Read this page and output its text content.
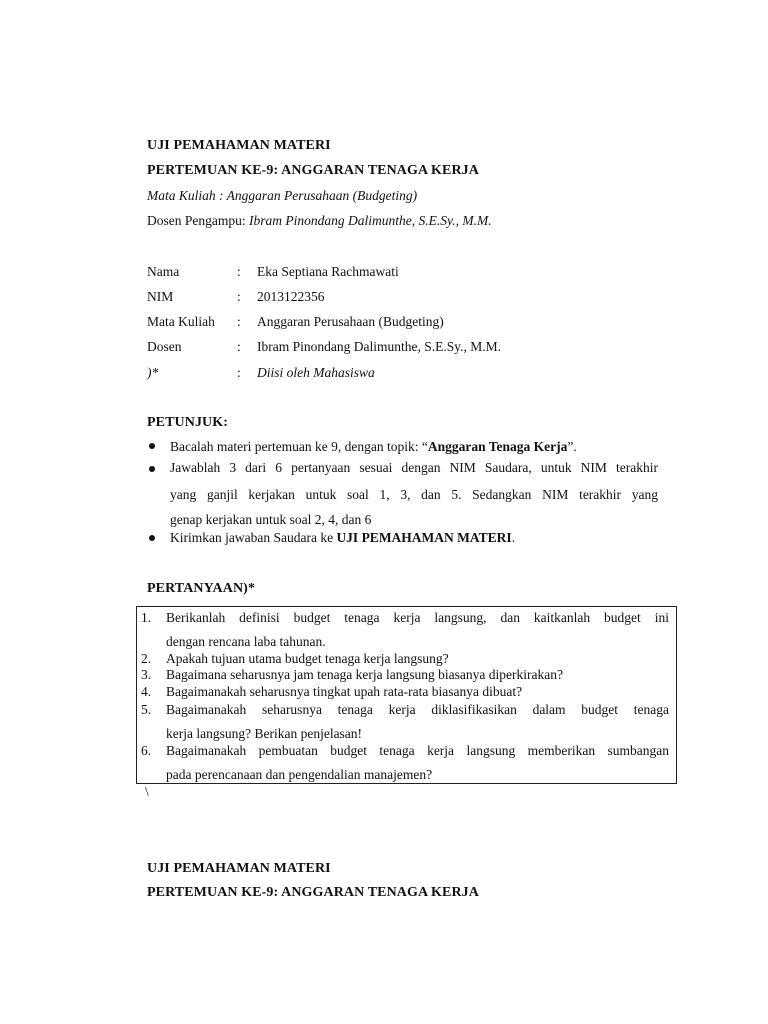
UJI PEMAHAMAN MATERI
PERTEMUAN KE-9: ANGGARAN TENAGA KERJA
Mata Kuliah : Anggaran Perusahaan (Budgeting)
Dosen Pengampu: Ibram Pinondang Dalimunthe, S.E.Sy., M.M.
Nama	: Eka Septiana Rachmawati
NIM	: 2013122356
Mata Kuliah : Anggaran Perusahaan (Budgeting)
Dosen	: Ibram Pinondang Dalimunthe, S.E.Sy., M.M.
)*	: Diisi oleh Mahasiswa
PETUNJUK:
Bacalah materi pertemuan ke 9, dengan topik: “Anggaran Tenaga Kerja”.
Jawablah 3 dari 6 pertanyaan sesuai dengan NIM Saudara, untuk NIM terakhir
yang ganjil kerjakan untuk soal 1, 3, dan 5. Sedangkan NIM terakhir yang
genap kerjakan untuk soal 2, 4, dan 6
Kirimkan jawaban Saudara ke UJI PEMAHAMAN MATERI.
PERTANYAAN)*
1. Berikanlah definisi budget tenaga kerja langsung, dan kaitkanlah budget ini
dengan rencana laba tahunan.
2. Apakah tujuan utama budget tenaga kerja langsung?
3. Bagaimana seharusnya jam tenaga kerja langsung biasanya diperkirakan?
4. Bagaimanakah seharusnya tingkat upah rata-rata biasanya dibuat?
5. Bagaimanakah seharusnya tenaga kerja diklasifikasikan dalam budget tenaga
kerja langsung? Berikan penjelasan!
6. Bagaimanakah pembuatan budget tenaga kerja langsung memberikan sumbangan
pada perencanaan dan pengendalian manajemen?
\
UJI PEMAHAMAN MATERI
PERTEMUAN KE-9: ANGGARAN TENAGA KERJA
